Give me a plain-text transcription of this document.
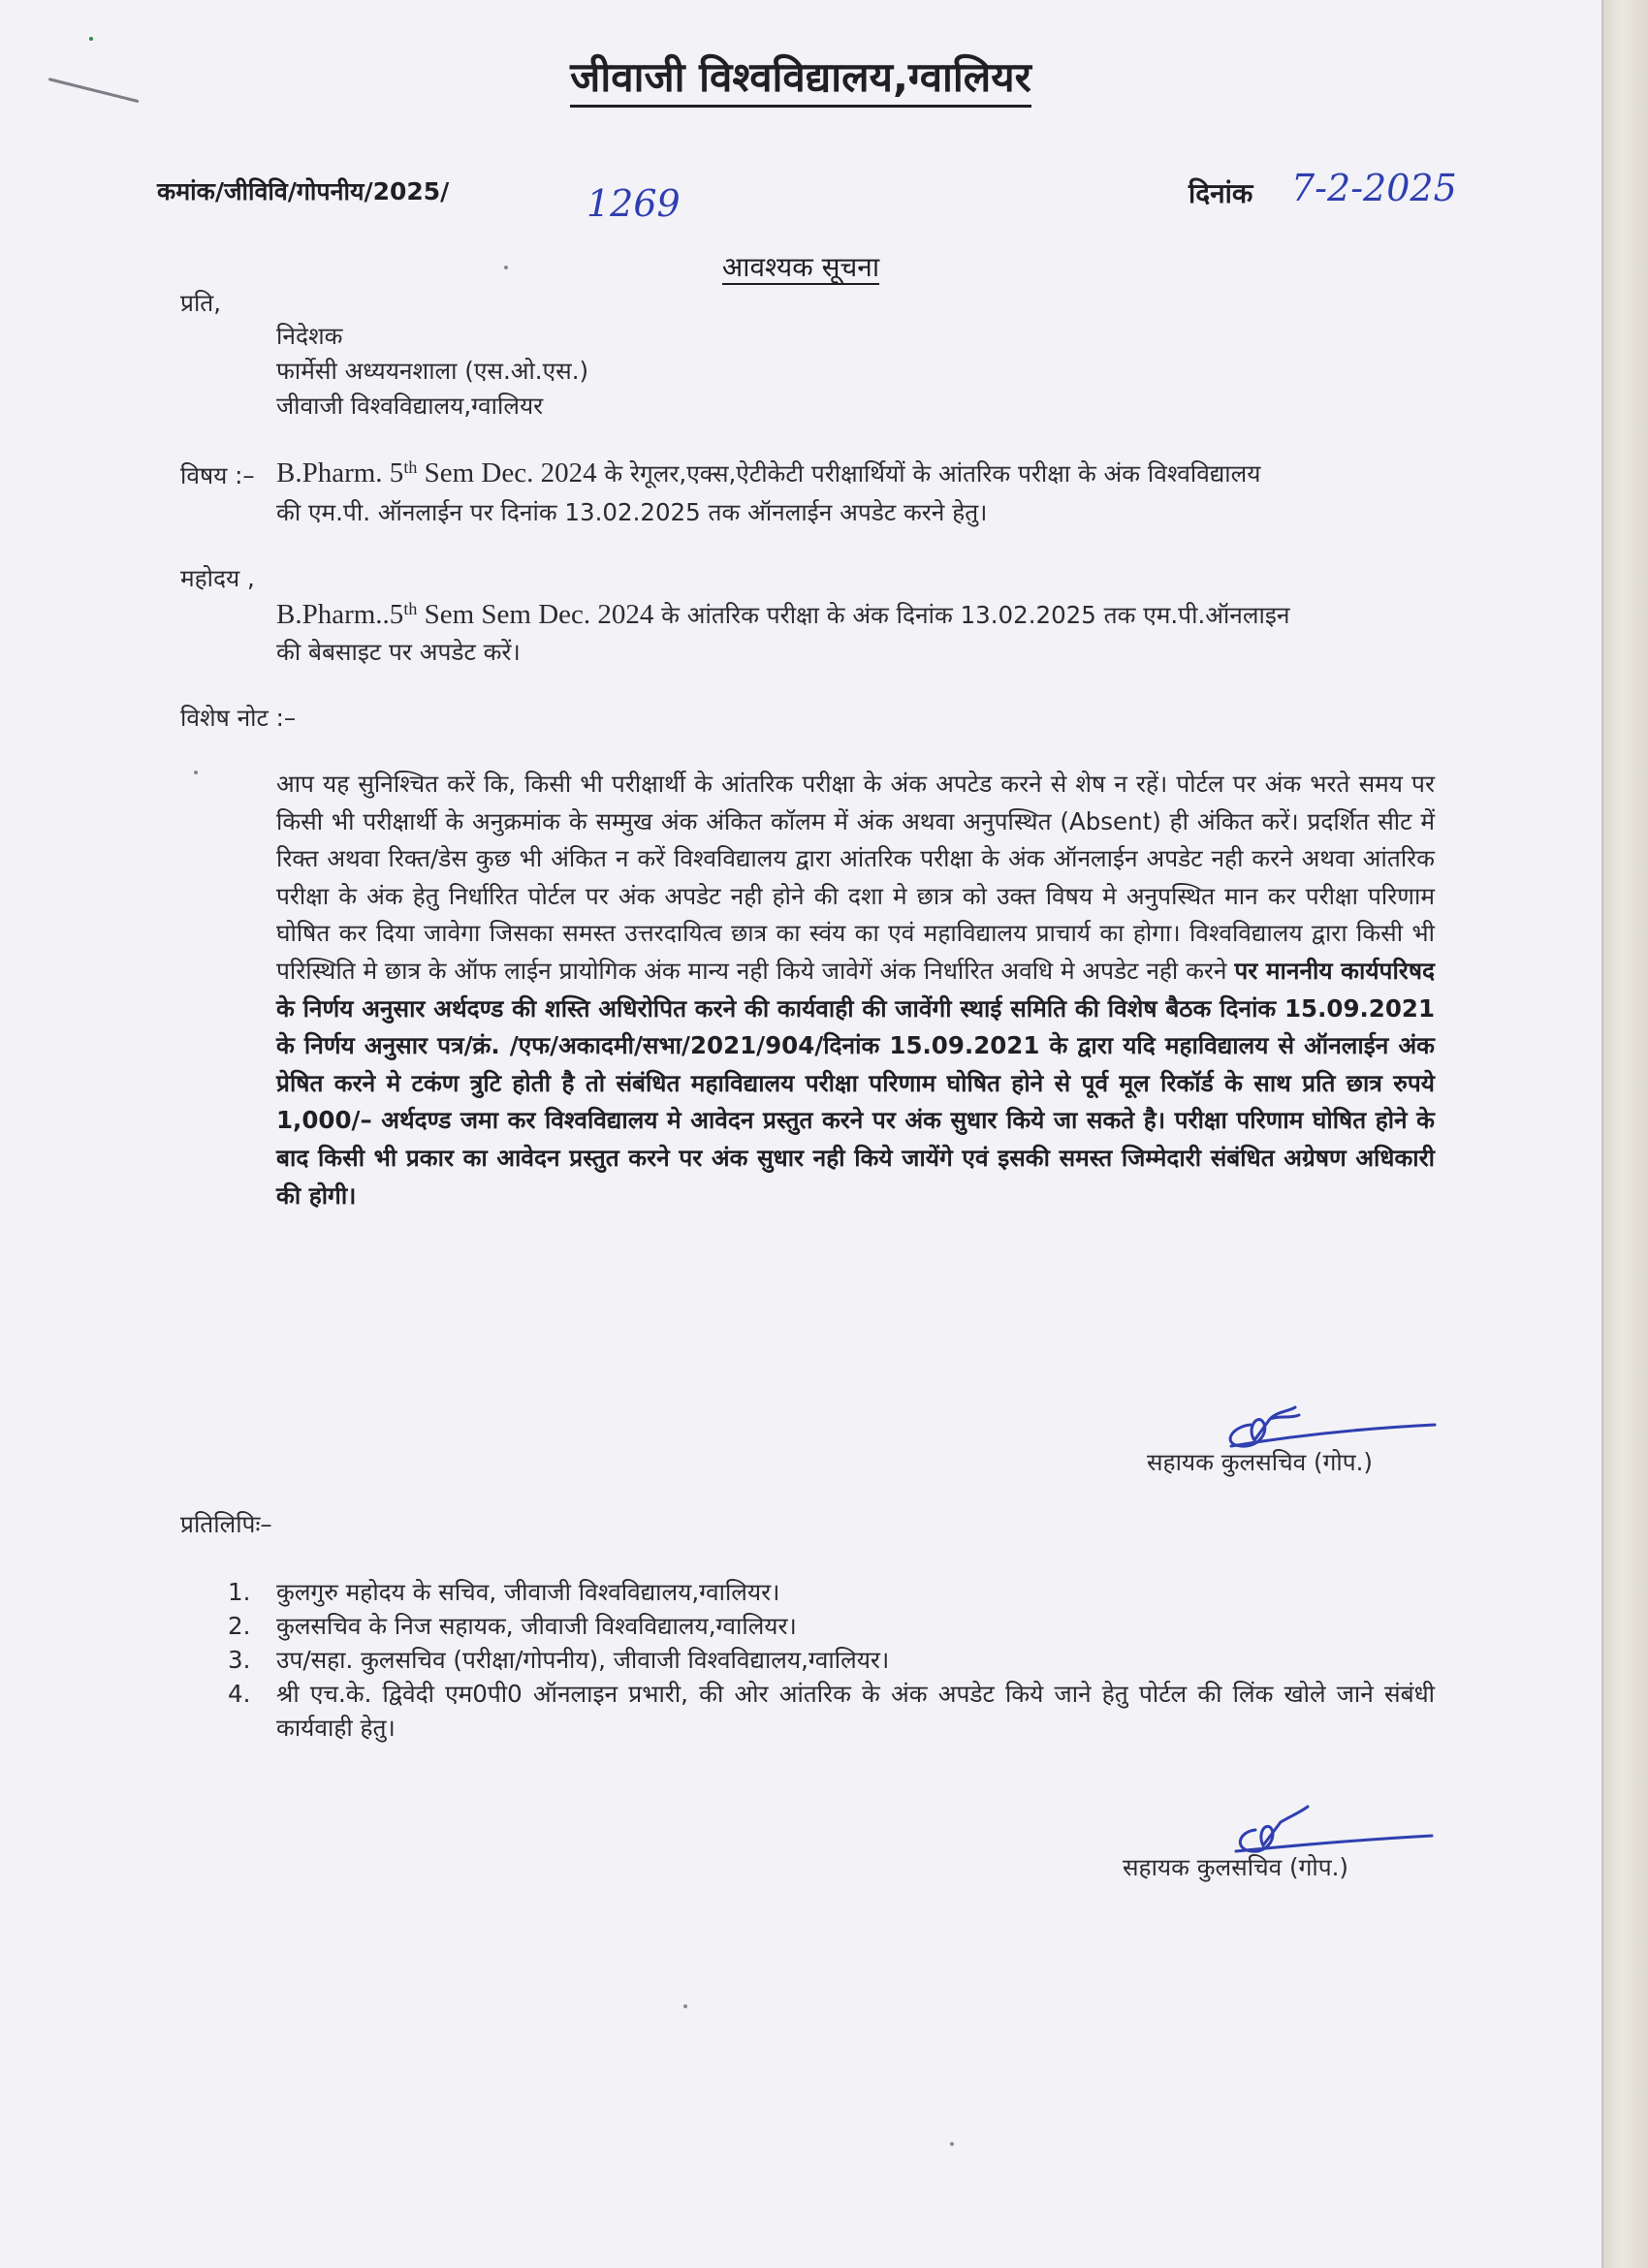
जीवाजी विश्वविद्यालय,ग्वालियर
कमांक/जीविवि/गोपनीय/2025/	1269	दिनांक 7-2-2025
आवश्यक सूचना
प्रति,
निदेशक
फार्मेसी अध्ययनशाला (एस.ओ.एस.)
जीवाजी विश्वविद्यालय,ग्वालियर
विषय :– B.Pharm. 5th Sem Dec. 2024 के रेगूलर,एक्स,ऐटीकेटी परीक्षार्थियों के आंतरिक परीक्षा के अंक विश्वविद्यालय
की एम.पी. ऑनलाईन पर दिनांक 13.02.2025 तक ऑनलाईन अपडेट करने हेतु।
महोदय ,
B.Pharm..5th Sem Sem Dec. 2024 के आंतरिक परीक्षा के अंक दिनांक 13.02.2025 तक एम.पी.ऑनलाइन
की बेबसाइट पर अपडेट करें।
विशेष नोट :–
आप यह सुनिश्चित करें कि, किसी भी परीक्षार्थी के आंतरिक परीक्षा के अंक अपटेड करने से शेष न रहें। पोर्टल पर अंक भरते समय पर किसी भी परीक्षार्थी के अनुक्रमांक के सम्मुख अंक अंकित कॉलम में अंक अथवा अनुपस्थित (Absent) ही अंकित करें। प्रदर्शित सीट में रिक्त अथवा रिक्त/डेस कुछ भी अंकित न करें विश्वविद्यालय द्वारा आंतरिक परीक्षा के अंक ऑनलाईन अपडेट नही करने अथवा आंतरिक परीक्षा के अंक हेतु निर्धारित पोर्टल पर अंक अपडेट नही होने की दशा मे छात्र को उक्त विषय मे अनुपस्थित मान कर परीक्षा परिणाम घोषित कर दिया जावेगा जिसका समस्त उत्तरदायित्व छात्र का स्वंय का एवं महाविद्यालय प्राचार्य का होगा। विश्वविद्यालय द्वारा किसी भी परिस्थिति मे छात्र के ऑफ लाईन प्रायोगिक अंक मान्य नही किये जावेगें अंक निर्धारित अवधि मे अपडेट नही करने पर माननीय कार्यपरिषद के निर्णय अनुसार अर्थदण्ड की शस्ति अधिरोपित करने की कार्यवाही की जावेंगी स्थाई समिति की विशेष बैठक दिनांक 15.09.2021 के निर्णय अनुसार पत्र/क्रं. /एफ/अकादमी/सभा/2021/904/दिनांक 15.09.2021 के द्वारा यदि महाविद्यालय से ऑनलाईन अंक प्रेषित करने मे टकंण त्रुटि होती है तो संबंधित महाविद्यालय परीक्षा परिणाम घोषित होने से पूर्व मूल रिकॉर्ड के साथ प्रति छात्र रुपये 1,000/– अर्थदण्ड जमा कर विश्वविद्यालय मे आवेदन प्रस्तुत करने पर अंक सुधार किये जा सकते है। परीक्षा परिणाम घोषित होने के बाद किसी भी प्रकार का आवेदन प्रस्तुत करने पर अंक सुधार नही किये जायेंगे एवं इसकी समस्त जिम्मेदारी संबंधित अग्रेषण अधिकारी की होगी।
सहायक कुलसचिव (गोप.)
प्रतिलिपिः–
1. कुलगुरु महोदय के सचिव, जीवाजी विश्वविद्यालय,ग्वालियर।
2. कुलसचिव के निज सहायक, जीवाजी विश्वविद्यालय,ग्वालियर।
3. उप/सहा. कुलसचिव (परीक्षा/गोपनीय), जीवाजी विश्वविद्यालय,ग्वालियर।
4. श्री एच.के. द्विवेदी एम0पी0 ऑनलाइन प्रभारी, की ओर आंतरिक के अंक अपडेट किये जाने हेतु पोर्टल की लिंक खोले जाने संबंधी कार्यवाही हेतु।
सहायक कुलसचिव (गोप.)
